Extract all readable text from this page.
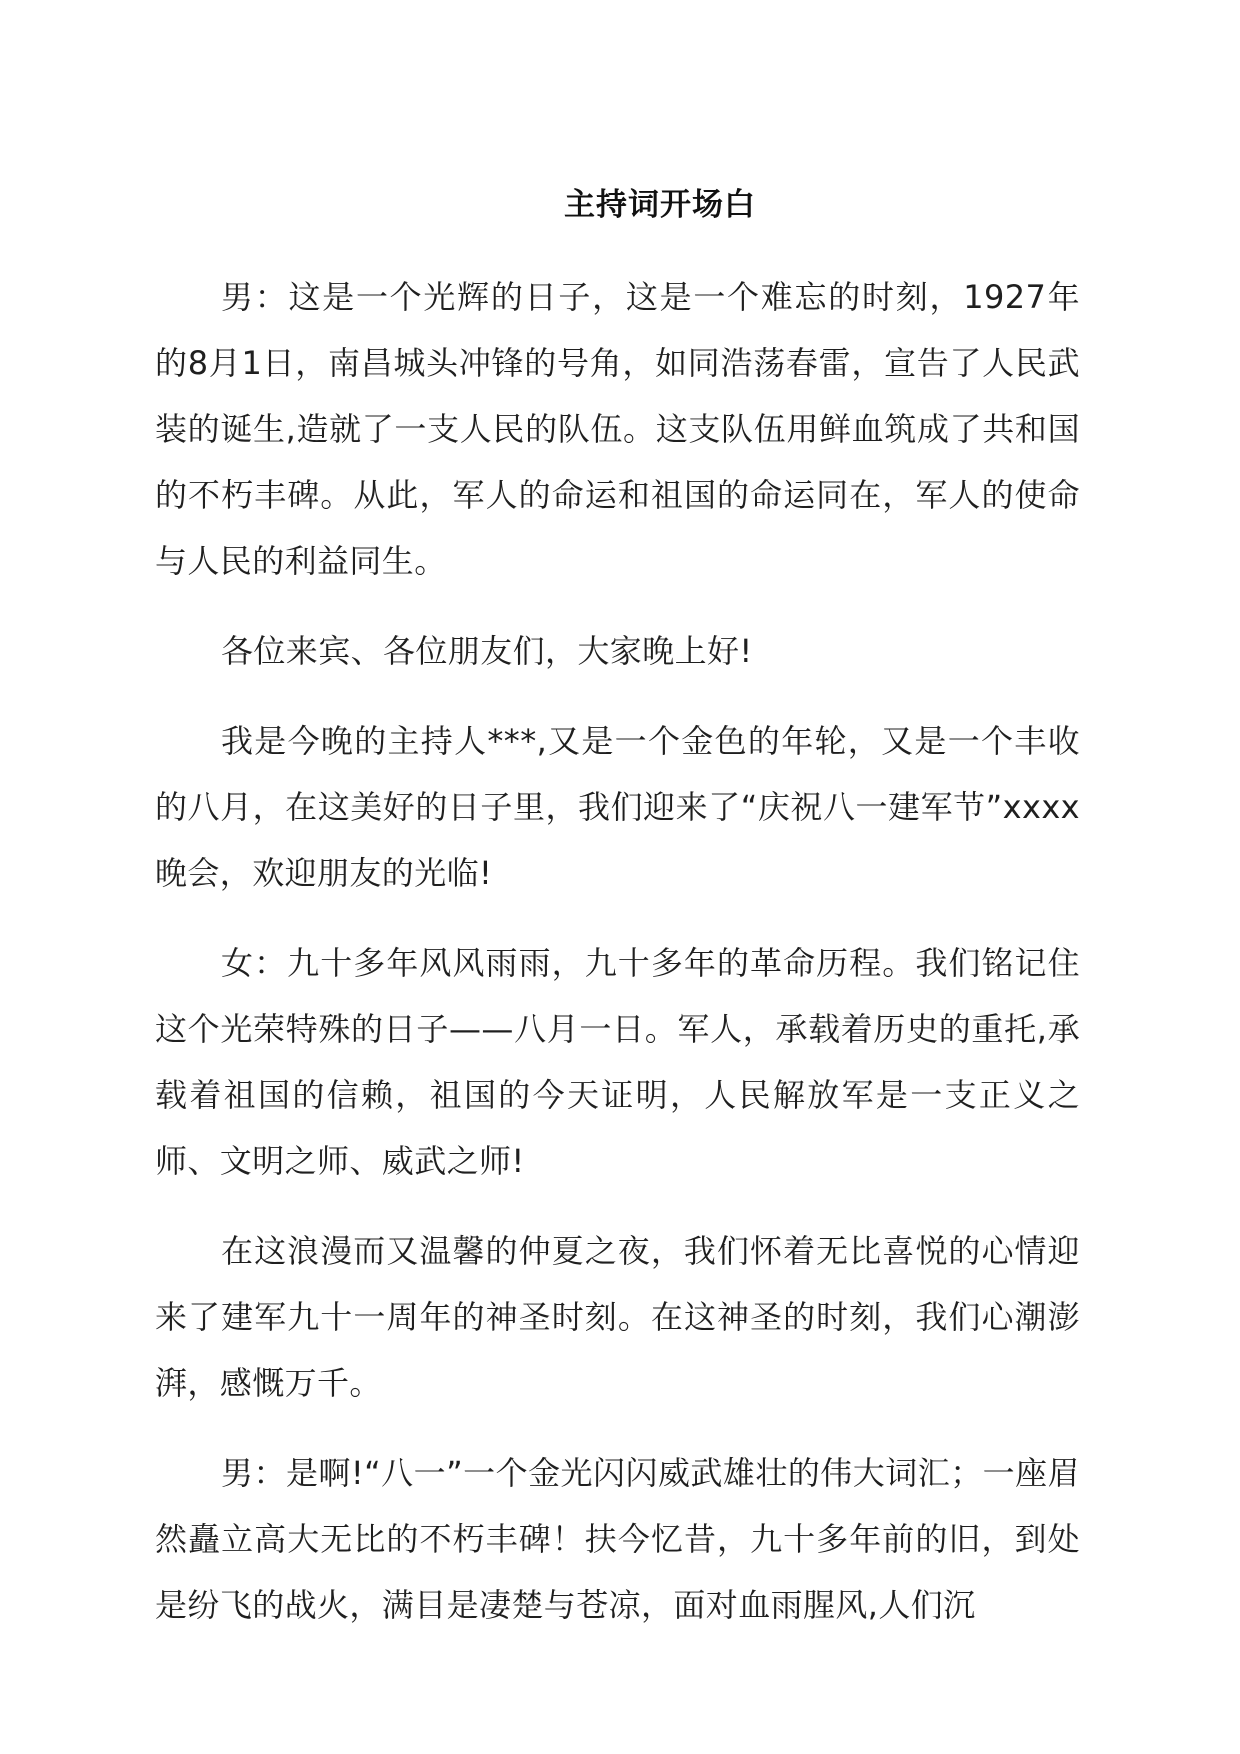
主持词开场白

男：这是一个光辉的日子，这是一个难忘的时刻，1927年的8月1日，南昌城头冲锋的号角，如同浩荡春雷，宣告了人民武装的诞生,造就了一支人民的队伍。这支队伍用鲜血筑成了共和国的不朽丰碑。从此，军人的命运和祖国的命运同在，军人的使命与人民的利益同生。

各位来宾、各位朋友们，大家晚上好!

我是今晚的主持人***,又是一个金色的年轮，又是一个丰收的八月，在这美好的日子里，我们迎来了“庆祝八一建军节”xxxx晚会，欢迎朋友的光临!

女：九十多年风风雨雨，九十多年的革命历程。我们铭记住这个光荣特殊的日子——八月一日。军人，承载着历史的重托,承载着祖国的信赖，祖国的今天证明，人民解放军是一支正义之师、文明之师、威武之师!

在这浪漫而又温馨的仲夏之夜，我们怀着无比喜悦的心情迎来了建军九十一周年的神圣时刻。在这神圣的时刻，我们心潮澎湃，感慨万千。

男：是啊!“八一”一个金光闪闪威武雄壮的伟大词汇；一座眉然矗立高大无比的不朽丰碑！扶今忆昔，九十多年前的旧，到处是纷飞的战火，满目是凄楚与苍凉，面对血雨腥风,人们沉
